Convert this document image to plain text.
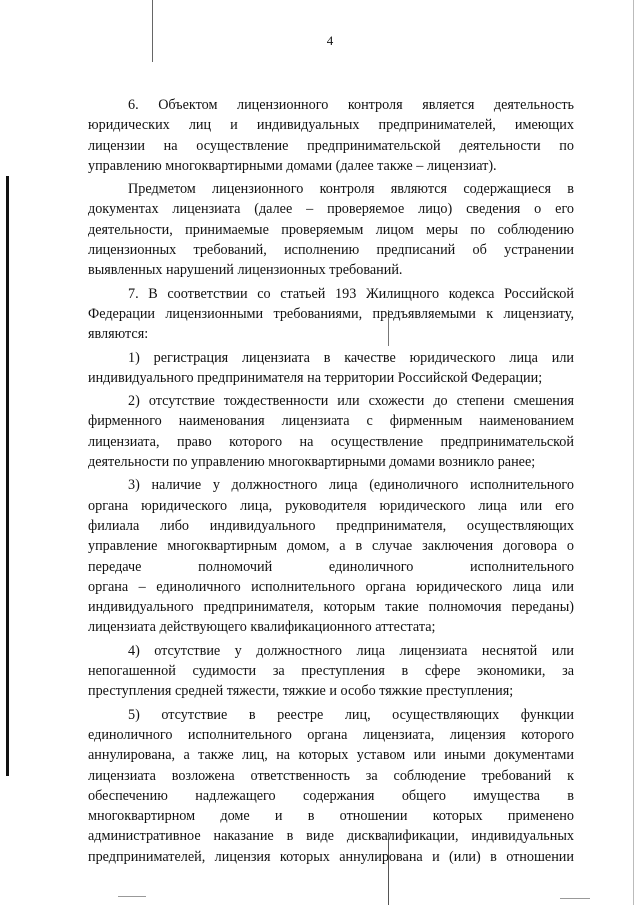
4

6. Объектом лицензионного контроля является деятельность
юридических лиц и индивидуальных предпринимателей, имеющих
лицензии на осуществление предпринимательской деятельности по
управлению многоквартирными домами (далее также – лицензиат).

Предметом лицензионного контроля являются содержащиеся в
документах лицензиата (далее – проверяемое лицо) сведения о его
деятельности, принимаемые проверяемым лицом меры по соблюдению
лицензионных требований, исполнению предписаний об устранении
выявленных нарушений лицензионных требований.

7. В соответствии со статьей 193 Жилищного кодекса Российской
Федерации лицензионными требованиями, предъявляемыми к лицензиату,
являются:

1) регистрация лицензиата в качестве юридического лица или
индивидуального предпринимателя на территории Российской Федерации;

2) отсутствие тождественности или схожести до степени смешения
фирменного наименования лицензиата с фирменным наименованием
лицензиата, право которого на осуществление предпринимательской
деятельности по управлению многоквартирными домами возникло ранее;

3) наличие у должностного лица (единоличного исполнительного
органа юридического лица, руководителя юридического лица или его
филиала либо индивидуального предпринимателя, осуществляющих
управление многоквартирным домом, а в случае заключения договора о
передаче полномочий единоличного исполнительного
органа – единоличного исполнительного органа юридического лица или
индивидуального предпринимателя, которым такие полномочия переданы)
лицензиата действующего квалификационного аттестата;

4) отсутствие у должностного лица лицензиата неснятой или
непогашенной судимости за преступления в сфере экономики, за
преступления средней тяжести, тяжкие и особо тяжкие преступления;

5) отсутствие в реестре лиц, осуществляющих функции
единоличного исполнительного органа лицензиата, лицензия которого
аннулирована, а также лиц, на которых уставом или иными документами
лицензиата возложена ответственность за соблюдение требований к
обеспечению надлежащего содержания общего имущества в
многоквартирном доме и в отношении которых применено
административное наказание в виде дисквалификации, индивидуальных
предпринимателей, лицензия которых аннулирована и (или) в отношении
